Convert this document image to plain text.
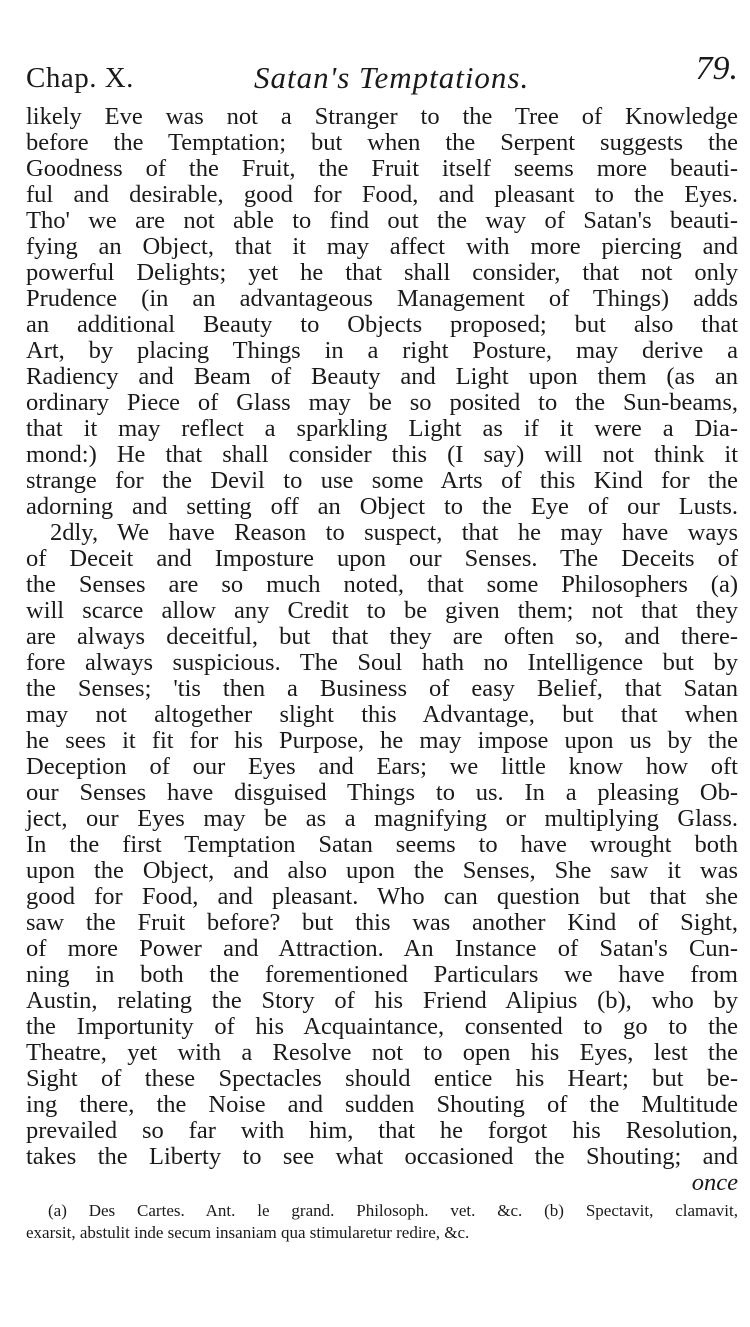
Chap. X.	Satan's Temptations.	79.
likely Eve was not a Stranger to the Tree of Knowledge
before the Temptation; but when the Serpent suggests the
Goodness of the Fruit, the Fruit itself seems more beauti-
ful and desirable, good for Food, and pleasant to the Eyes.
Tho' we are not able to find out the way of Satan's beauti-
fying an Object, that it may affect with more piercing and
powerful Delights; yet he that shall consider, that not only
Prudence (in an advantageous Management of Things) adds
an additional Beauty to Objects proposed; but also that
Art, by placing Things in a right Posture, may derive a
Radiency and Beam of Beauty and Light upon them (as an
ordinary Piece of Glass may be so posited to the Sun-beams,
that it may reflect a sparkling Light as if it were a Dia-
mond:) He that shall consider this (I say) will not think it
strange for the Devil to use some Arts of this Kind for the
adorning and setting off an Object to the Eye of our Lusts.
2dly, We have Reason to suspect, that he may have ways
of Deceit and Imposture upon our Senses. The Deceits of
the Senses are so much noted, that some Philosophers (a)
will scarce allow any Credit to be given them; not that they
are always deceitful, but that they are often so, and there-
fore always suspicious. The Soul hath no Intelligence but by
the Senses; 'tis then a Business of easy Belief, that Satan
may not altogether slight this Advantage, but that when
he sees it fit for his Purpose, he may impose upon us by the
Deception of our Eyes and Ears; we little know how oft
our Senses have disguised Things to us. In a pleasing Ob-
ject, our Eyes may be as a magnifying or multiplying Glass.
In the first Temptation Satan seems to have wrought both
upon the Object, and also upon the Senses, She saw it was
good for Food, and pleasant. Who can question but that she
saw the Fruit before? but this was another Kind of Sight,
of more Power and Attraction. An Instance of Satan's Cun-
ning in both the forementioned Particulars we have from
Austin, relating the Story of his Friend Alipius (b), who by
the Importunity of his Acquaintance, consented to go to the
Theatre, yet with a Resolve not to open his Eyes, lest the
Sight of these Spectacles should entice his Heart; but be-
ing there, the Noise and sudden Shouting of the Multitude
prevailed so far with him, that he forgot his Resolution,
takes the Liberty to see what occasioned the Shouting; and
once
(a) Des Cartes. Ant. le grand. Philosoph. vet. &c. (b) Spectavit, clamavit,
exarsit, abstulit inde secum insaniam qua stimularetur redire, &c.
